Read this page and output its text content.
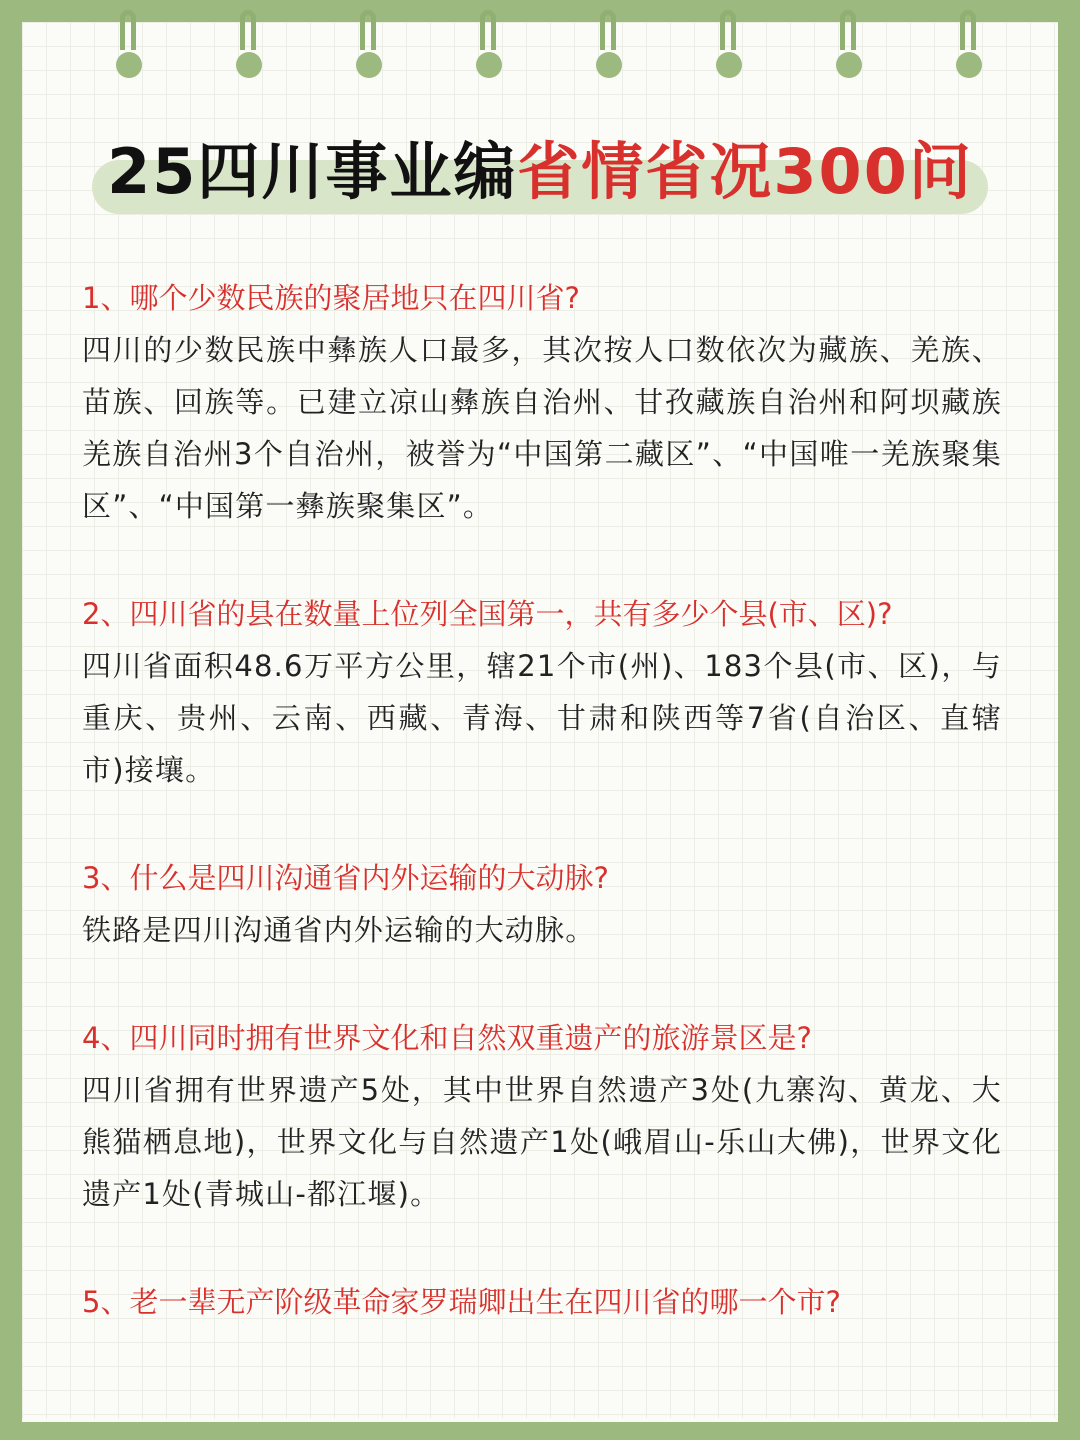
25四川事业编省情省况300问

1、哪个少数民族的聚居地只在四川省?

四川的少数民族中彝族人口最多，其次按人口数依次为藏族、羌族、苗族、回族等。已建立凉山彝族自治州、甘孜藏族自治州和阿坝藏族羌族自治州3个自治州，被誉为“中国第二藏区”、“中国唯一羌族聚集区”、“中国第一彝族聚集区”。

2、四川省的县在数量上位列全国第一，共有多少个县(市、区)?

四川省面积48.6万平方公里，辖21个市(州)、183个县(市、区)，与重庆、贵州、云南、西藏、青海、甘肃和陕西等7省(自治区、直辖市)接壤。

3、什么是四川沟通省内外运输的大动脉?

铁路是四川沟通省内外运输的大动脉。

4、四川同时拥有世界文化和自然双重遗产的旅游景区是?

四川省拥有世界遗产5处，其中世界自然遗产3处(九寨沟、黄龙、大熊猫栖息地)，世界文化与自然遗产1处(峨眉山-乐山大佛)，世界文化遗产1处(青城山-都江堰)。

5、老一辈无产阶级革命家罗瑞卿出生在四川省的哪一个市?
